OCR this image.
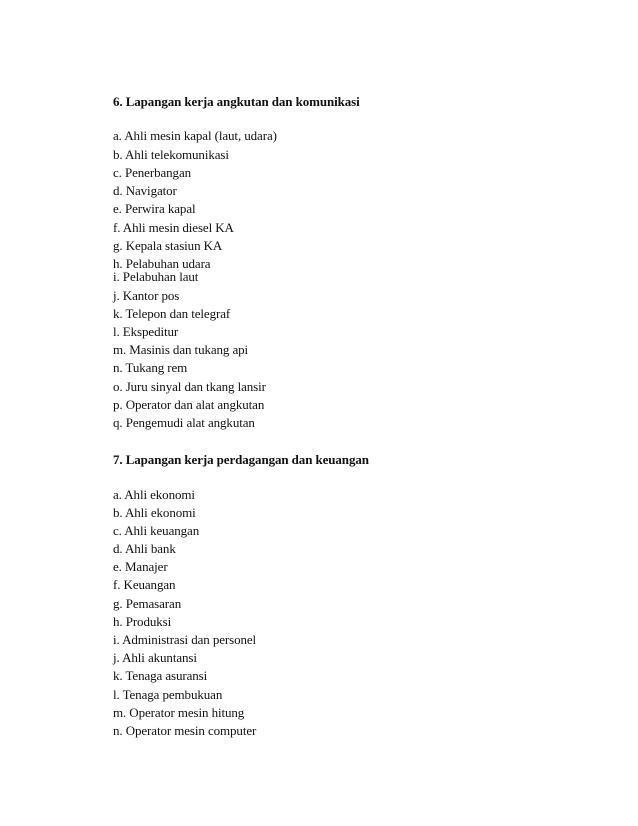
6. Lapangan kerja angkutan dan komunikasi
a. Ahli mesin kapal (laut, udara)
b. Ahli telekomunikasi
c. Penerbangan
d. Navigator
e. Perwira kapal
f. Ahli mesin diesel KA
g. Kepala stasiun KA
h. Pelabuhan udara
i. Pelabuhan laut
j. Kantor pos
k. Telepon dan telegraf
l. Ekspeditur
m. Masinis dan tukang api
n. Tukang rem
o. Juru sinyal dan tkang lansir
p. Operator dan alat angkutan
q. Pengemudi alat angkutan
7. Lapangan kerja perdagangan dan keuangan
a. Ahli ekonomi
b. Ahli ekonomi
c. Ahli keuangan
d. Ahli bank
e. Manajer
f. Keuangan
g. Pemasaran
h. Produksi
i. Administrasi dan personel
j. Ahli akuntansi
k. Tenaga asuransi
l. Tenaga pembukuan
m. Operator mesin hitung
n. Operator mesin computer
